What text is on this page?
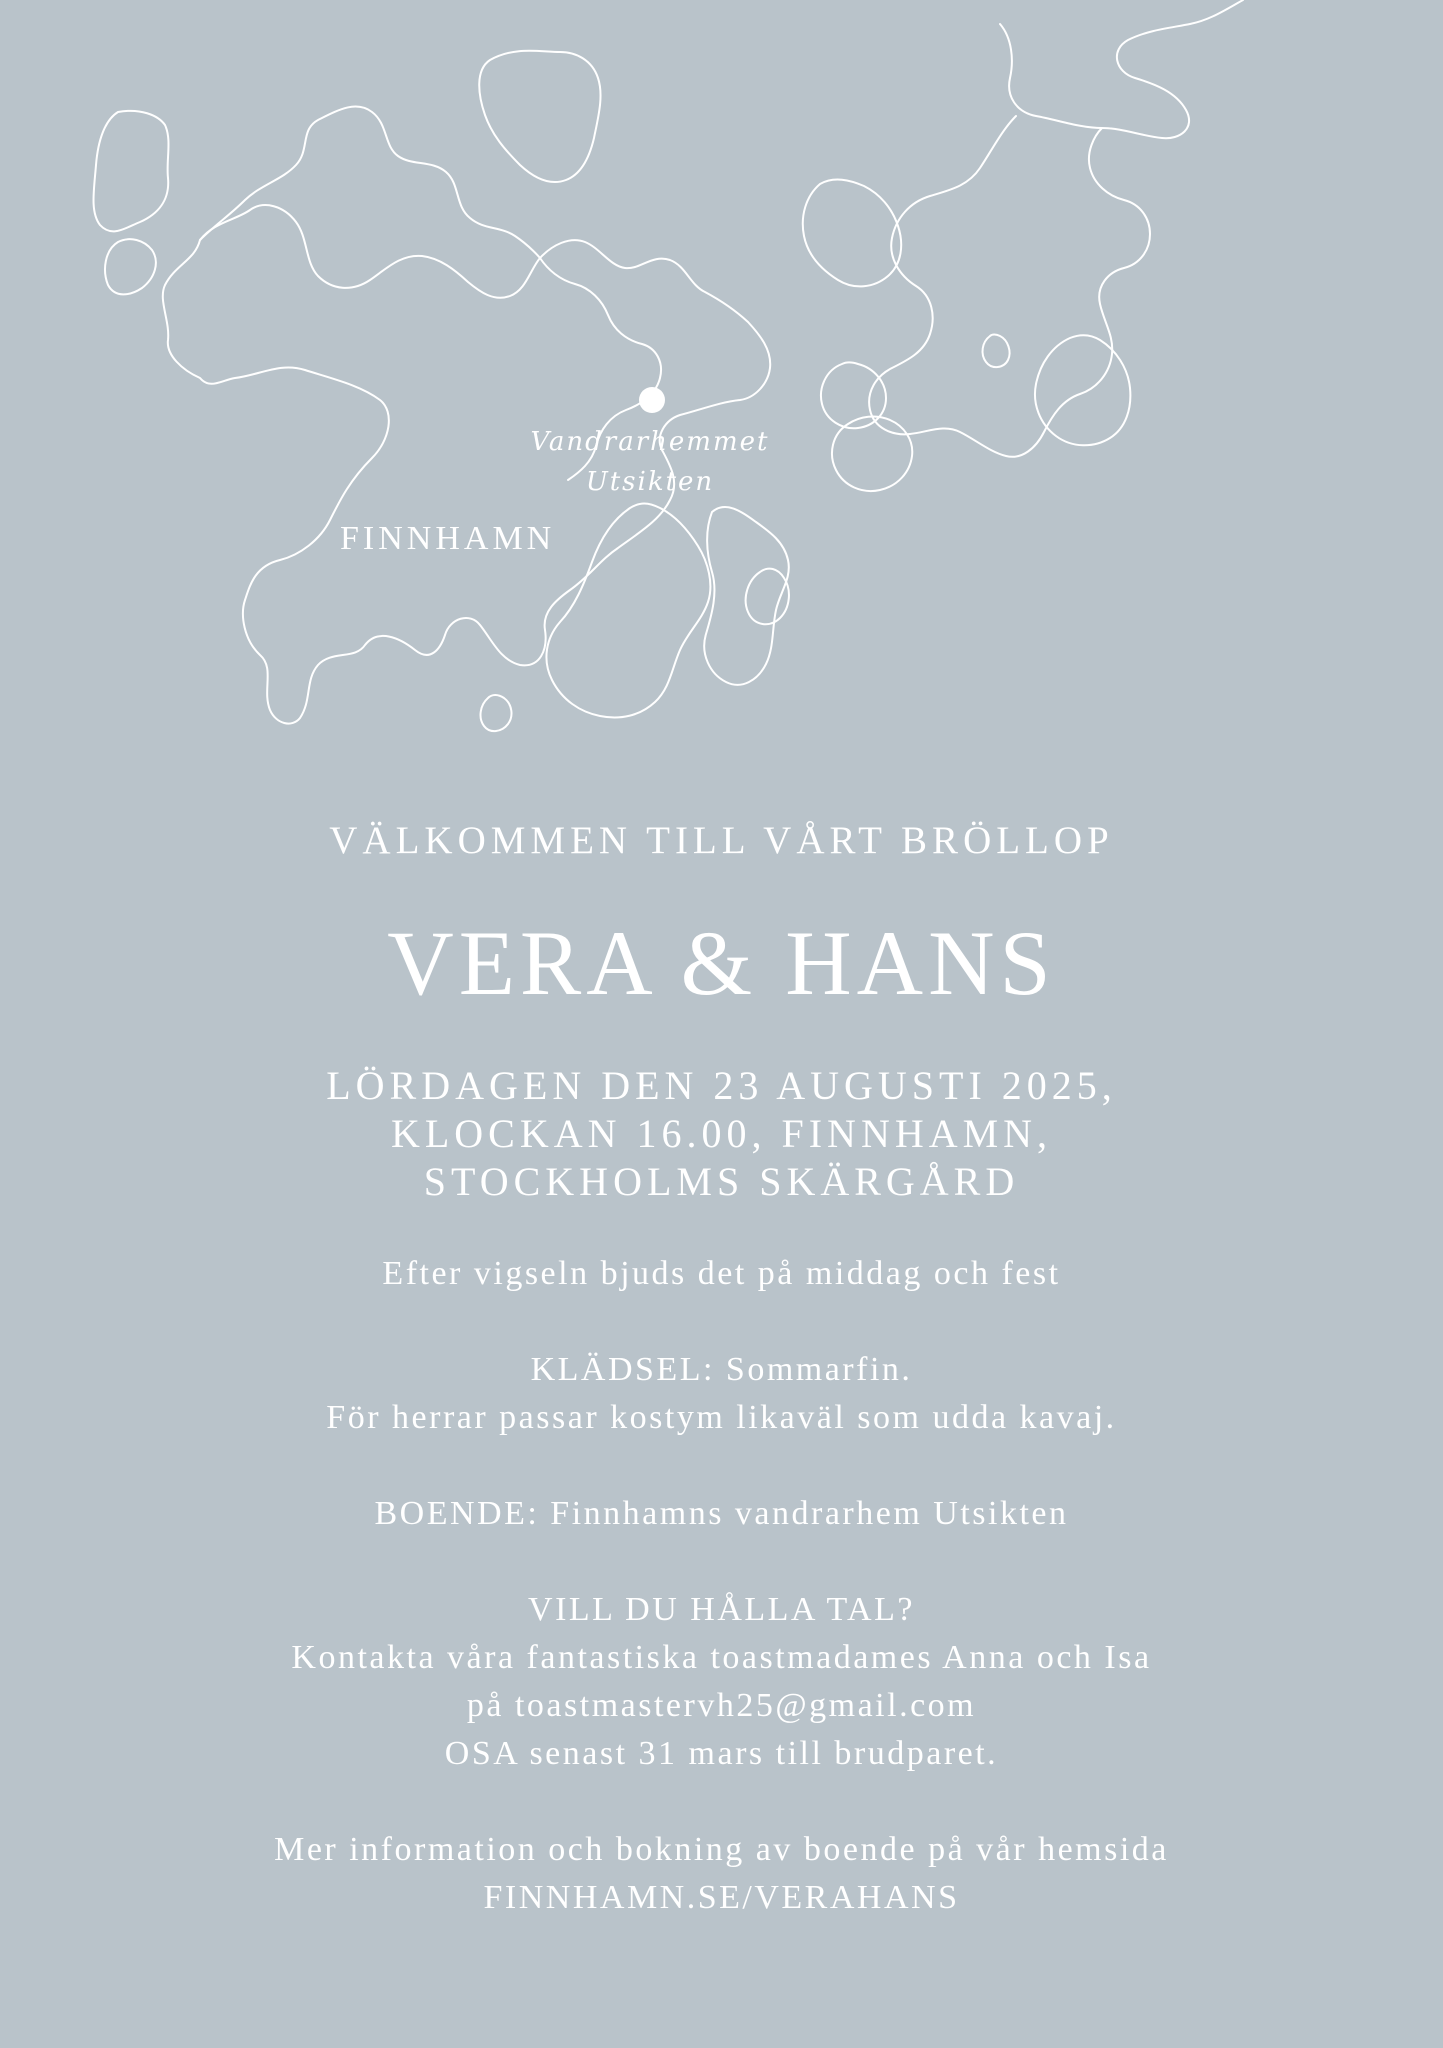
Vandrarhemmet
Utsikten
FINNHAMN
VÄLKOMMEN TILL VÅRT BRÖLLOP
VERA & HANS
LÖRDAGEN DEN 23 AUGUSTI 2025,
KLOCKAN 16.00, FINNHAMN,
STOCKHOLMS SKÄRGÅRD
Efter vigseln bjuds det på middag och fest
KLÄDSEL: Sommarfin.
För herrar passar kostym likaväl som udda kavaj.
BOENDE: Finnhamns vandrarhem Utsikten
VILL DU HÅLLA TAL?
Kontakta våra fantastiska toastmadames Anna och Isa
på toastmastervh25@gmail.com
OSA senast 31 mars till brudparet.
Mer information och bokning av boende på vår hemsida
FINNHAMN.SE/VERAHANS
